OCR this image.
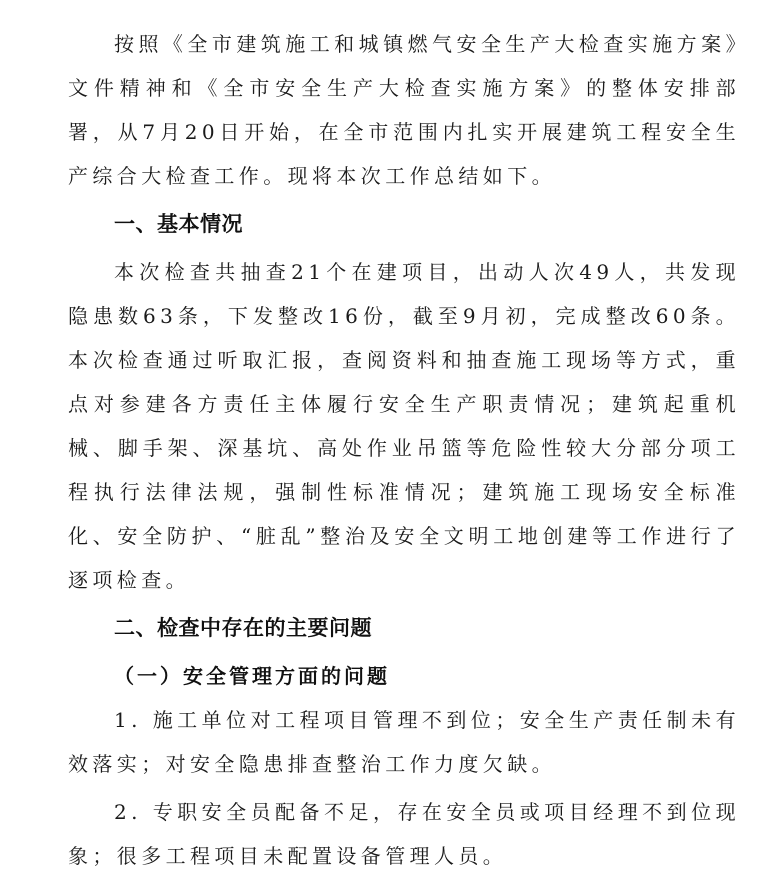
按照《全市建筑施工和城镇燃气安全生产大检查实施方案》文件精神和《全市安全生产大检查实施方案》的整体安排部署，从7月20日开始，在全市范围内扎实开展建筑工程安全生产综合大检查工作。现将本次工作总结如下。

一、基本情况

本次检查共抽查21个在建项目，出动人次49人，共发现隐患数63条，下发整改16份，截至9月初，完成整改60条。本次检查通过听取汇报，查阅资料和抽查施工现场等方式，重点对参建各方责任主体履行安全生产职责情况；建筑起重机械、脚手架、深基坑、高处作业吊篮等危险性较大分部分项工程执行法律法规，强制性标准情况；建筑施工现场安全标准化、安全防护、“脏乱”整治及安全文明工地创建等工作进行了逐项检查。

二、检查中存在的主要问题
（一）安全管理方面的问题

1. 施工单位对工程项目管理不到位；安全生产责任制未有效落实；对安全隐患排查整治工作力度欠缺。

2. 专职安全员配备不足，存在安全员或项目经理不到位现象；很多工程项目未配置设备管理人员。
